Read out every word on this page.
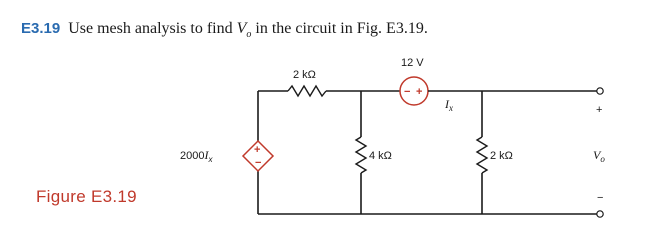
E3.19 Use mesh analysis to find $V_o$ in the circuit in Fig. E3.19.
− +
+
−
2 kΩ
12 V
$I_x$
$2000I_x$	4 kΩ	2 kΩ
+
$V_o$
−
Figure E3.19
